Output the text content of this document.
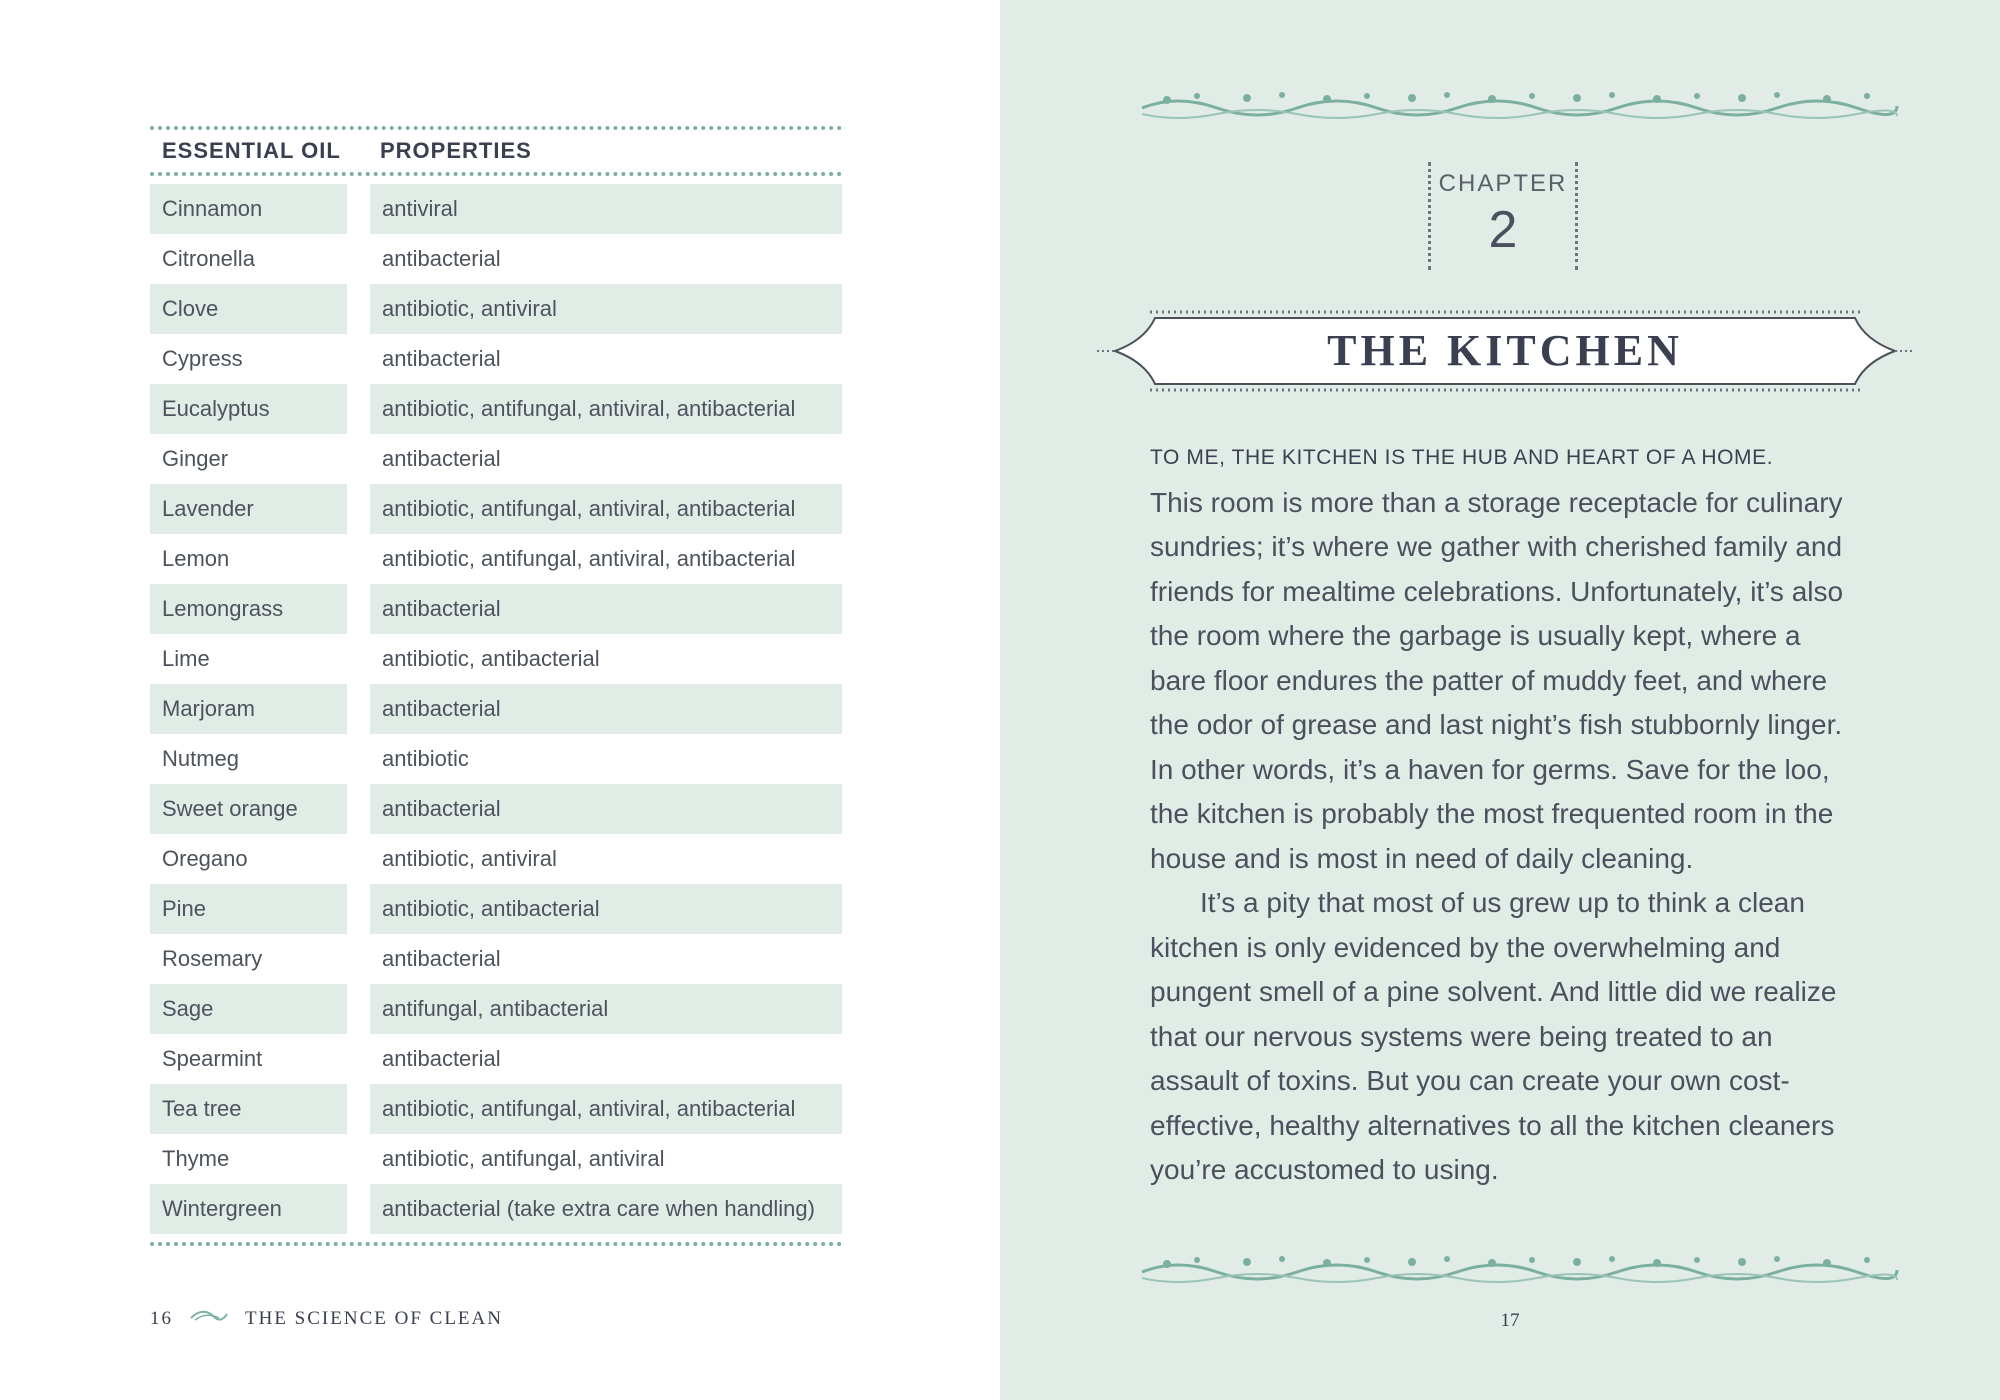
ESSENTIAL OIL	PROPERTIES
Cinnamon	antiviral
Citronella	antibacterial
Clove	antibiotic, antiviral
Cypress	antibacterial
Eucalyptus	antibiotic, antifungal, antiviral, antibacterial
Ginger	antibacterial
Lavender	antibiotic, antifungal, antiviral, antibacterial
Lemon	antibiotic, antifungal, antiviral, antibacterial
Lemongrass	antibacterial
Lime	antibiotic, antibacterial
Marjoram	antibacterial
Nutmeg	antibiotic
Sweet orange	antibacterial
Oregano	antibiotic, antiviral
Pine	antibiotic, antibacterial
Rosemary	antibacterial
Sage	antifungal, antibacterial
Spearmint	antibacterial
Tea tree	antibiotic, antifungal, antiviral, antibacterial
Thyme	antibiotic, antifungal, antiviral
Wintergreen	antibacterial (take extra care when handling)
16	THE SCIENCE OF CLEAN
CHAPTER
2
THE KITCHEN

TO ME, THE KITCHEN IS THE HUB AND HEART OF A HOME.
This room is more than a storage receptacle for culinary sundries; it’s where we gather with cherished family and friends for mealtime celebrations. Unfortunately, it’s also the room where the garbage is usually kept, where a bare floor endures the patter of muddy feet, and where the odor of grease and last night’s fish stubbornly linger. In other words, it’s a haven for germs. Save for the loo, the kitchen is probably the most frequented room in the house and is most in need of daily cleaning.

It’s a pity that most of us grew up to think a clean kitchen is only evidenced by the overwhelming and pungent smell of a pine solvent. And little did we realize that our nervous systems were being treated to an assault of toxins. But you can create your own cost-effective, healthy alternatives to all the kitchen cleaners you’re accustomed to using.

17
